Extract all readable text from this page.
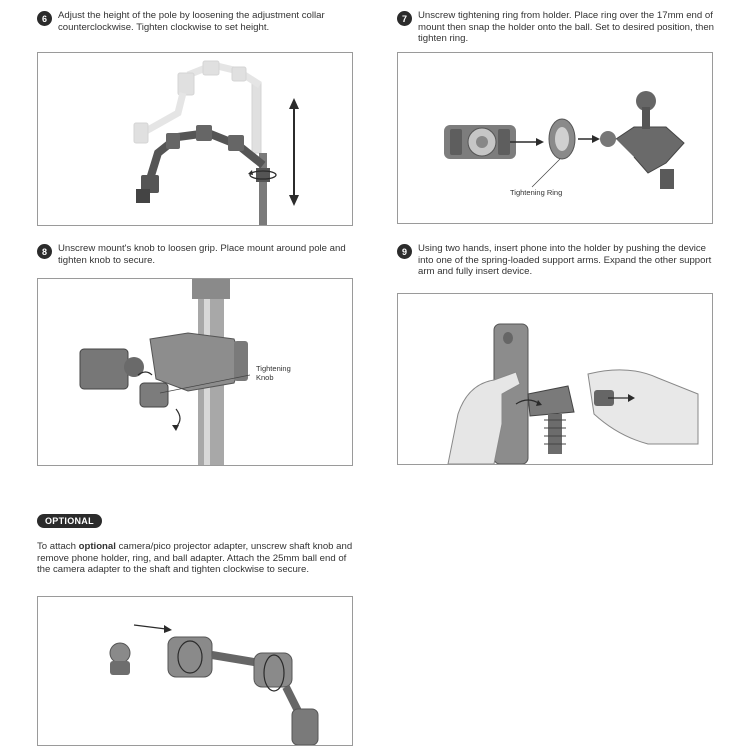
6	Adjust the height of the pole by loosening the adjustment collar counterclockwise. Tighten clockwise to set height.
7	Unscrew tightening ring from holder. Place ring over the 17mm end of mount then snap the holder onto the ball. Set to desired position, then tighten ring.
Tightening Ring
8	Unscrew mount's knob to loosen grip. Place mount around pole and tighten knob to secure.
Tightening
Knob
9	Using two hands, insert phone into the holder by pushing the device into one of the spring-loaded support arms. Expand the other support arm and fully insert device.
OPTIONAL
To attach optional camera/pico projector adapter, unscrew shaft knob and remove phone holder, ring, and ball adapter. Attach the 25mm ball end of the camera adapter to the shaft and tighten clockwise to secure.
